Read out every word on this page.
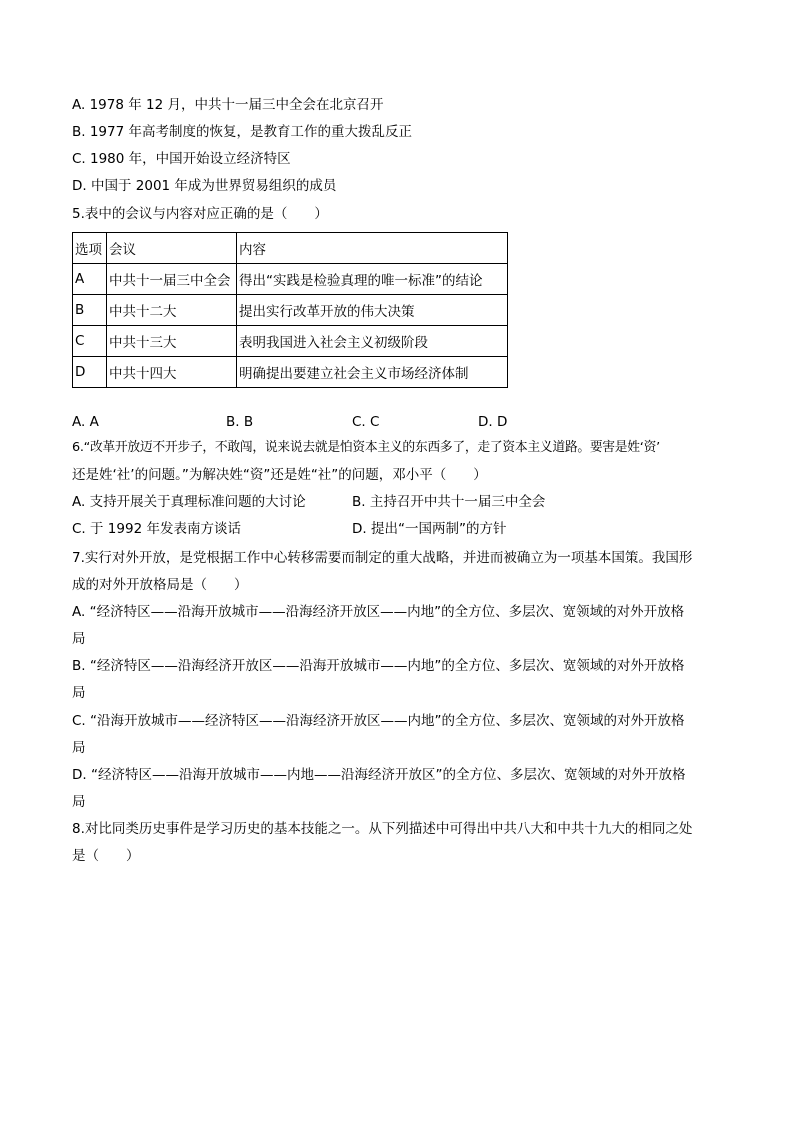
A. 1978 年 12 月，中共十一届三中全会在北京召开
B. 1977 年高考制度的恢复，是教育工作的重大拨乱反正
C. 1980 年，中国开始设立经济特区
D. 中国于 2001 年成为世界贸易组织的成员
5.表中的会议与内容对应正确的是（　　）
选项	会议	内容
A	中共十一届三中全会	得出“实践是检验真理的唯一标准”的结论
B	中共十二大	提出实行改革开放的伟大决策
C	中共十三大	表明我国进入社会主义初级阶段
D	中共十四大	明确提出要建立社会主义市场经济体制
A. A	B. B	C. C	D. D
6.“改革开放迈不开步子，不敢闯，说来说去就是怕资本主义的东西多了，走了资本主义道路。要害是姓‘资’
还是姓‘社’的问题。”为解决姓“资”还是姓“社”的问题，邓小平（　　）
A. 支持开展关于真理标准问题的大讨论	B. 主持召开中共十一届三中全会
C. 于 1992 年发表南方谈话	D. 提出“一国两制”的方针
7.实行对外开放，是党根据工作中心转移需要而制定的重大战略，并进而被确立为一项基本国策。我国形
成的对外开放格局是（　　）
A. “经济特区——沿海开放城市——沿海经济开放区——内地”的全方位、多层次、宽领域的对外开放格
局
B. “经济特区——沿海经济开放区——沿海开放城市——内地”的全方位、多层次、宽领域的对外开放格
局
C. “沿海开放城市——经济特区——沿海经济开放区——内地”的全方位、多层次、宽领域的对外开放格
局
D. “经济特区——沿海开放城市——内地——沿海经济开放区”的全方位、多层次、宽领域的对外开放格
局
8.对比同类历史事件是学习历史的基本技能之一。从下列描述中可得出中共八大和中共十九大的相同之处
是（　　）
